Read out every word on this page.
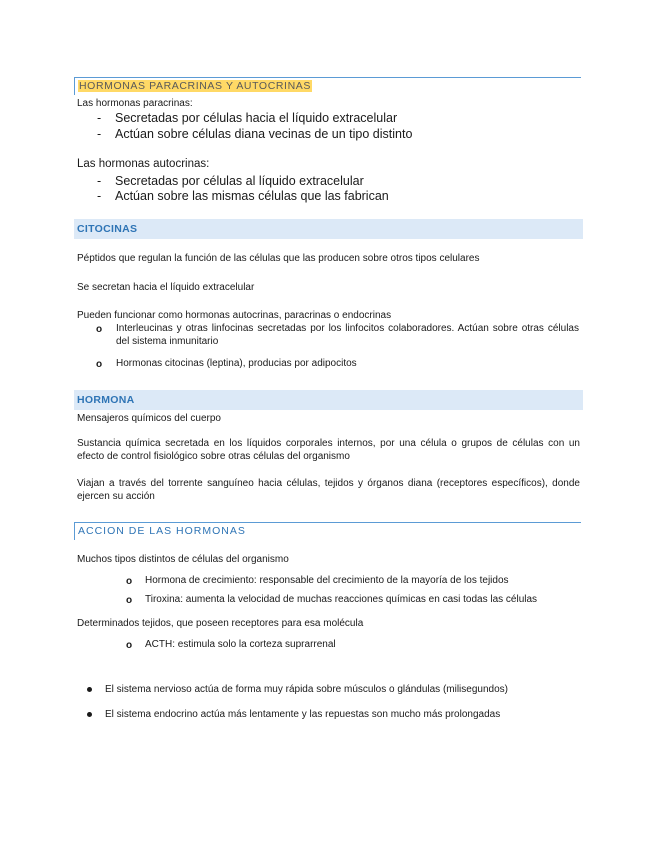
HORMONAS PARACRINAS Y AUTOCRINAS
Las hormonas paracrinas:
- Secretadas por células hacia el líquido extracelular
- Actúan sobre células diana vecinas de un tipo distinto
Las hormonas autocrinas:
- Secretadas por células al líquido extracelular
- Actúan sobre las mismas células que las fabrican
CITOCINAS
Péptidos que regulan la función de las células que las producen sobre otros tipos celulares
Se secretan hacia el líquido extracelular
Pueden funcionar como hormonas autocrinas, paracrinas o endocrinas
o Interleucinas y otras linfocinas secretadas por los linfocitos colaboradores. Actúan sobre otras células del sistema inmunitario
o Hormonas citocinas (leptina), producias por adipocitos
HORMONA
Mensajeros químicos del cuerpo
Sustancia química secretada en los líquidos corporales internos, por una célula o grupos de células con un efecto de control fisiológico sobre otras células del organismo
Viajan a través del torrente sanguíneo hacia células, tejidos y órganos diana (receptores específicos), donde ejercen su acción
ACCION DE LAS HORMONAS
Muchos tipos distintos de células del organismo
o Hormona de crecimiento: responsable del crecimiento de la mayoría de los tejidos
o Tiroxina: aumenta la velocidad de muchas reacciones químicas en casi todas las células
Determinados tejidos, que poseen receptores para esa molécula
o ACTH: estimula solo la corteza suprarrenal
El sistema nervioso actúa de forma muy rápida sobre músculos o glándulas (milisegundos)
El sistema endocrino actúa más lentamente y las repuestas son mucho más prolongadas
